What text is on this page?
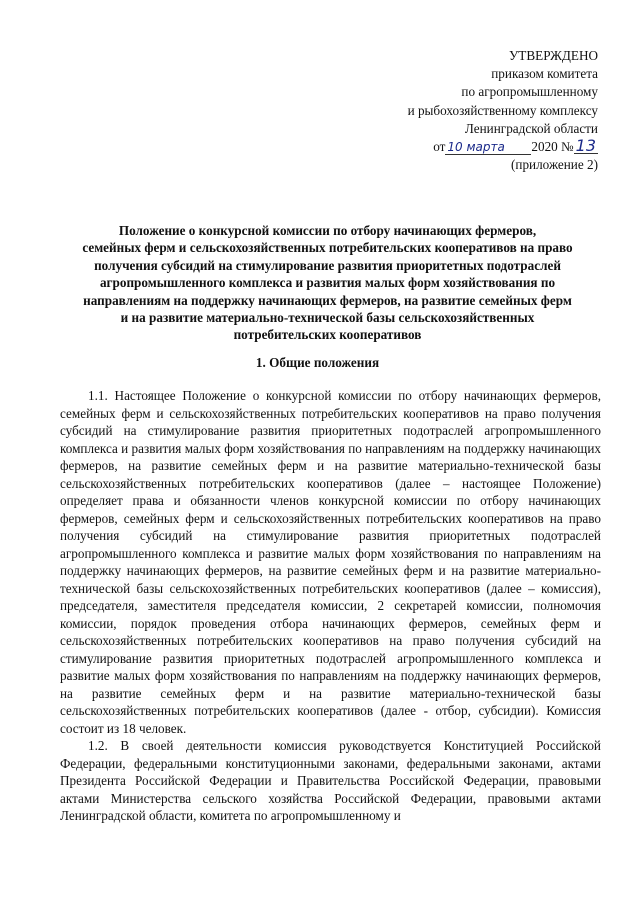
УТВЕРЖДЕНО
приказом комитета
по агропромышленному
и рыбохозяйственному комплексу
Ленинградской области
от 10 марта	2020 № 13
(приложение 2)
Положение о конкурсной комиссии по отбору начинающих фермеров,
семейных ферм и сельскохозяйственных потребительских кооперативов на право
получения субсидий на стимулирование развития приоритетных подотраслей
агропромышленного комплекса и развития малых форм хозяйствования по
направлениям на поддержку начинающих фермеров, на развитие семейных ферм
и на развитие материально-технической базы сельскохозяйственных
потребительских кооперативов
1. Общие положения

1.1. Настоящее Положение о конкурсной комиссии по отбору начинающих фермеров, семейных ферм и сельскохозяйственных потребительских кооперативов на право получения субсидий на стимулирование развития приоритетных подотраслей агропромышленного комплекса и развития малых форм хозяйствования по направлениям на поддержку начинающих фермеров, на развитие семейных ферм и на развитие материально-технической базы сельскохозяйственных потребительских кооперативов (далее – настоящее Положение) определяет права и обязанности членов конкурсной комиссии по отбору начинающих фермеров, семейных ферм и сельскохозяйственных потребительских кооперативов на право получения субсидий на стимулирование развития приоритетных подотраслей агропромышленного комплекса и развитие малых форм хозяйствования по направлениям на поддержку начинающих фермеров, на развитие семейных ферм и на развитие материально-технической базы сельскохозяйственных потребительских кооперативов (далее – комиссия), председателя, заместителя председателя комиссии, 2 секретарей комиссии, полномочия комиссии, порядок проведения отбора начинающих фермеров, семейных ферм и сельскохозяйственных потребительских кооперативов на право получения субсидий на стимулирование развития приоритетных подотраслей агропромышленного комплекса и развитие малых форм хозяйствования по направлениям на поддержку начинающих фермеров, на развитие семейных ферм и на развитие материально-технической базы сельскохозяйственных потребительских кооперативов (далее - отбор, субсидии). Комиссия состоит из 18 человек.

1.2. В своей деятельности комиссия руководствуется Конституцией Российской Федерации, федеральными конституционными законами, федеральными законами, актами Президента Российской Федерации и Правительства Российской Федерации, правовыми актами Министерства сельского хозяйства Российской Федерации, правовыми актами Ленинградской области, комитета по агропромышленному и
